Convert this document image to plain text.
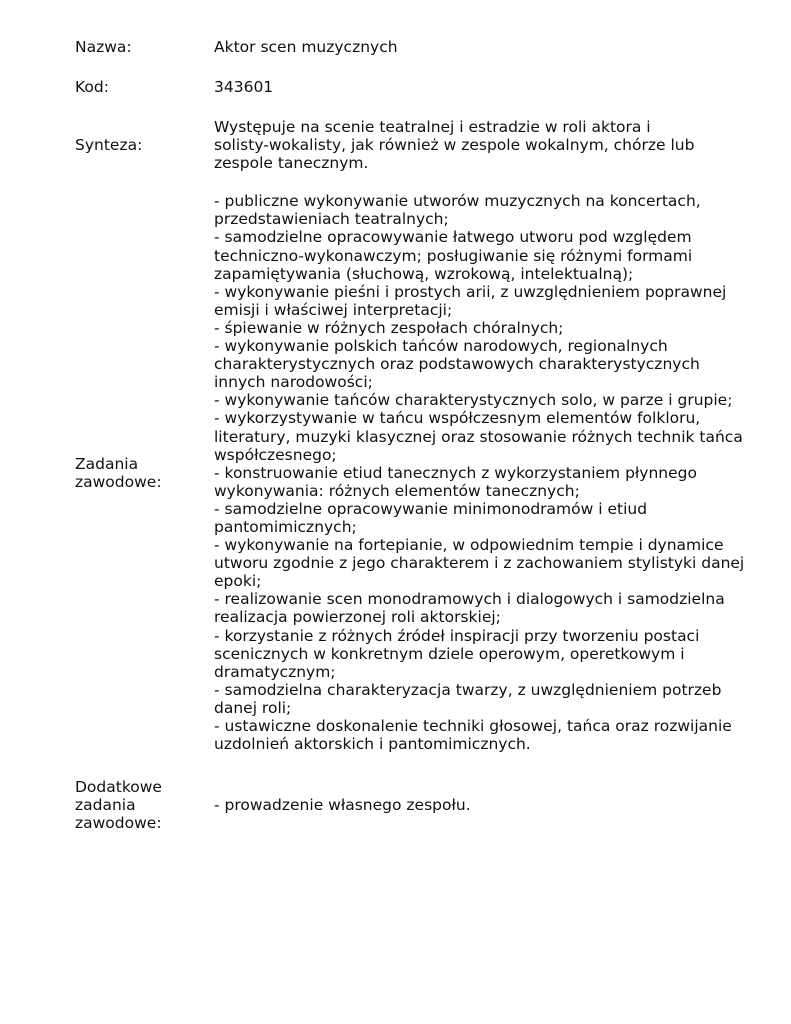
Nazwa:	Aktor scen muzycznych
Kod:	343601
Synteza:
Występuje na scenie teatralnej i estradzie w roli aktora i
solisty-wokalisty, jak również w zespole wokalnym, chórze lub
zespole tanecznym.
Zadania
zawodowe:
- publiczne wykonywanie utworów muzycznych na koncertach,
przedstawieniach teatralnych;
- samodzielne opracowywanie łatwego utworu pod względem
techniczno-wykonawczym; posługiwanie się różnymi formami
zapamiętywania (słuchową, wzrokową, intelektualną);
- wykonywanie pieśni i prostych arii, z uwzględnieniem poprawnej
emisji i właściwej interpretacji;
- śpiewanie w różnych zespołach chóralnych;
- wykonywanie polskich tańców narodowych, regionalnych
charakterystycznych oraz podstawowych charakterystycznych
innych narodowości;
- wykonywanie tańców charakterystycznych solo, w parze i grupie;
- wykorzystywanie w tańcu współczesnym elementów folkloru,
literatury, muzyki klasycznej oraz stosowanie różnych technik tańca
współczesnego;
- konstruowanie etiud tanecznych z wykorzystaniem płynnego
wykonywania: różnych elementów tanecznych;
- samodzielne opracowywanie minimonodramów i etiud
pantomimicznych;
- wykonywanie na fortepianie, w odpowiednim tempie i dynamice
utworu zgodnie z jego charakterem i z zachowaniem stylistyki danej
epoki;
- realizowanie scen monodramowych i dialogowych i samodzielna
realizacja powierzonej roli aktorskiej;
- korzystanie z różnych źródeł inspiracji przy tworzeniu postaci
scenicznych w konkretnym dziele operowym, operetkowym i
dramatycznym;
- samodzielna charakteryzacja twarzy, z uwzględnieniem potrzeb
danej roli;
- ustawiczne doskonalenie techniki głosowej, tańca oraz rozwijanie
uzdolnień aktorskich i pantomimicznych.
Dodatkowe
zadania
zawodowe:
- prowadzenie własnego zespołu.
